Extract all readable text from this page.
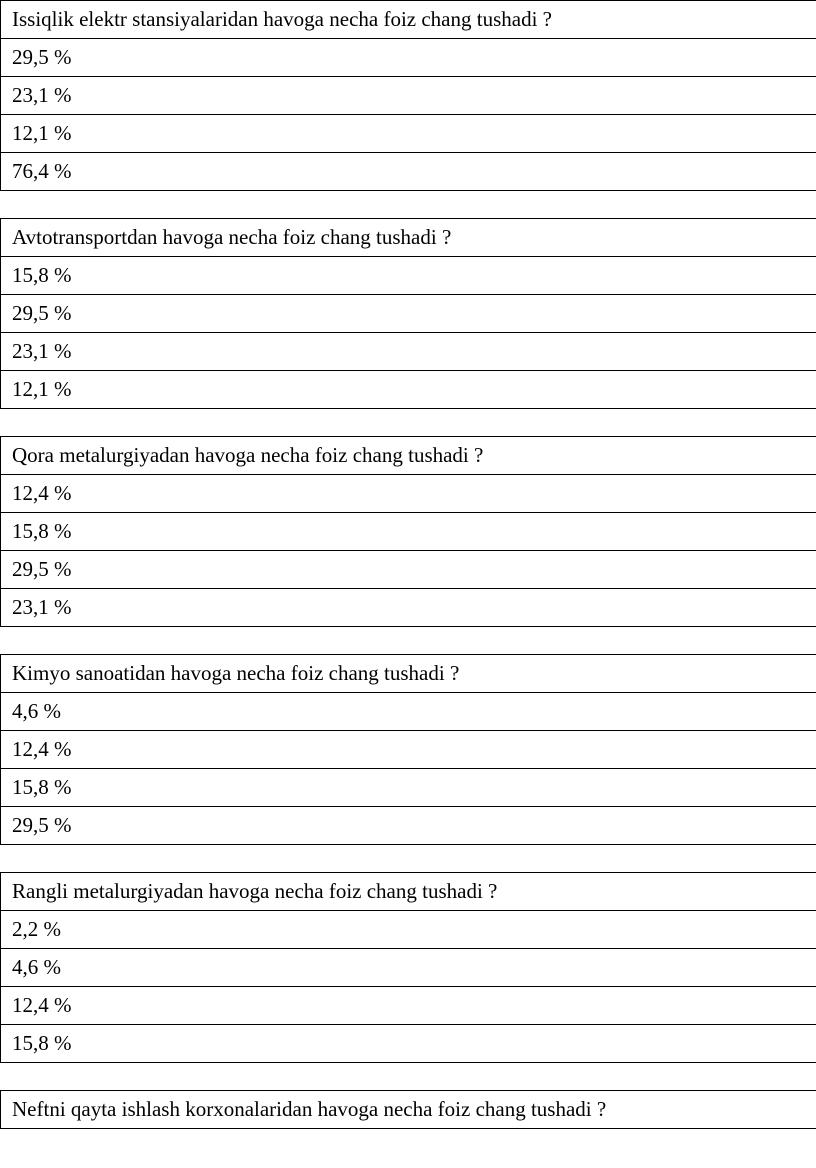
Issiqlik elektr stansiyalaridan havoga necha foiz chang tushadi ?
29,5 %
23,1 %
12,1 %
76,4 %
Avtotransportdan havoga necha foiz chang tushadi ?
15,8 %
29,5 %
23,1 %
12,1 %
Qora metalurgiyadan havoga necha foiz chang tushadi ?
12,4 %
15,8 %
29,5 %
23,1 %
Kimyo sanoatidan havoga necha foiz chang tushadi ?
4,6 %
12,4 %
15,8 %
29,5 %
Rangli metalurgiyadan havoga necha foiz chang tushadi ?
2,2 %
4,6 %
12,4 %
15,8 %
Neftni qayta ishlash korxonalaridan havoga necha foiz chang tushadi ?
